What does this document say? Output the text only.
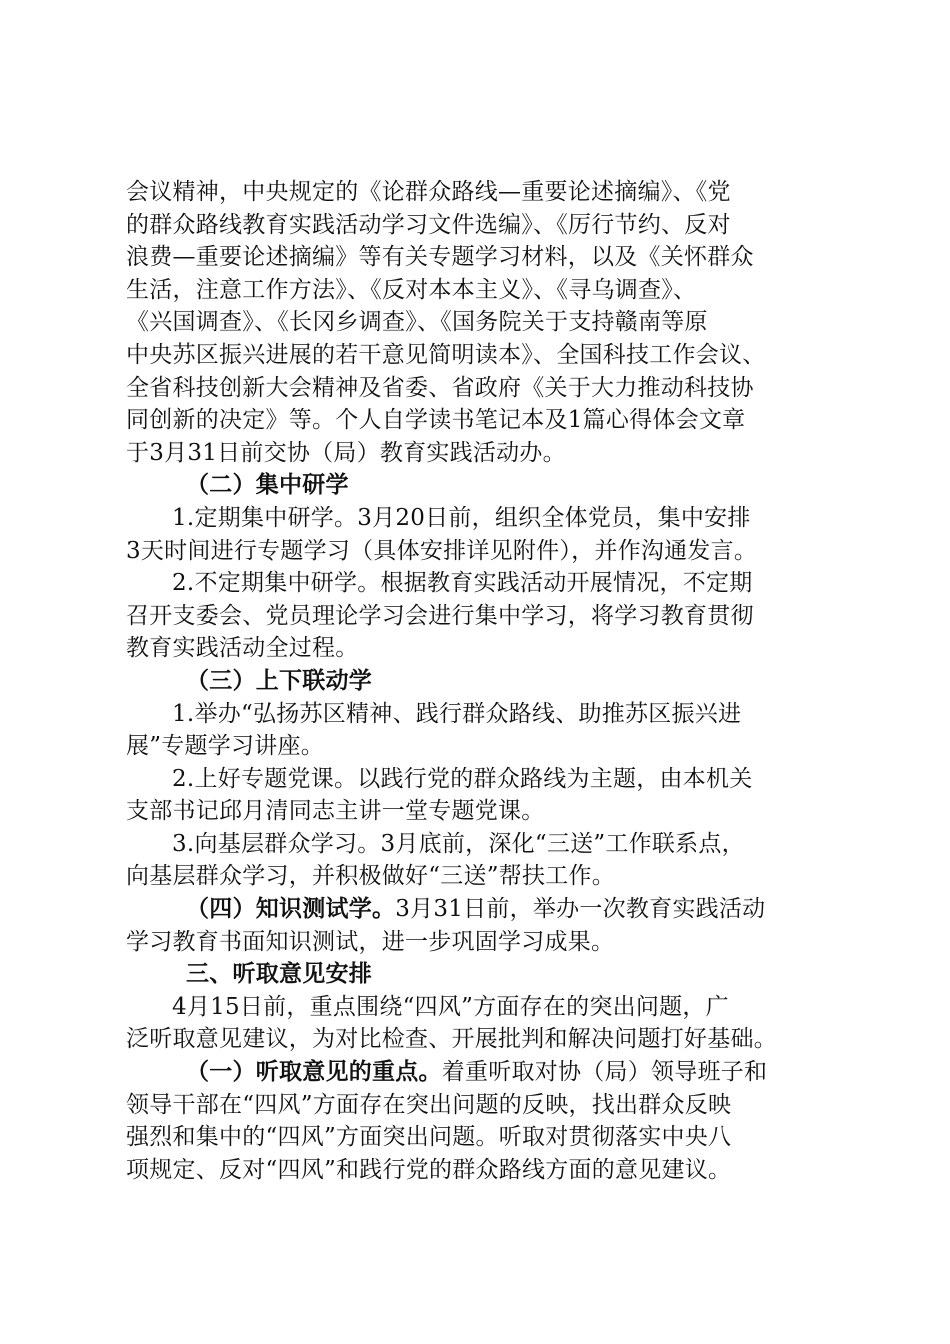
会议精神，中央规定的《论群众路线—重要论述摘编》、《党
的群众路线教育实践活动学习文件选编》、《厉行节约、反对
浪费—重要论述摘编》等有关专题学习材料，以及《关怀群众
生活，注意工作方法》、《反对本本主义》、《寻乌调查》、
《兴国调查》、《长冈乡调查》、《国务院关于支持赣南等原
中央苏区振兴进展的若干意见简明读本》、全国科技工作会议、
全省科技创新大会精神及省委、省政府《关于大力推动科技协
同创新的决定》等。个人自学读书笔记本及1篇心得体会文章
于3月31日前交协（局）教育实践活动办。
（二）集中研学
1.定期集中研学。3月20日前，组织全体党员，集中安排
3天时间进行专题学习（具体安排详见附件），并作沟通发言。
2.不定期集中研学。根据教育实践活动开展情况，不定期
召开支委会、党员理论学习会进行集中学习，将学习教育贯彻
教育实践活动全过程。
（三）上下联动学
1.举办“弘扬苏区精神、践行群众路线、助推苏区振兴进
展”专题学习讲座。
2.上好专题党课。以践行党的群众路线为主题，由本机关
支部书记邱月清同志主讲一堂专题党课。
3.向基层群众学习。3月底前，深化“三送”工作联系点，
向基层群众学习，并积极做好“三送”帮扶工作。
（四）知识测试学。3月31日前，举办一次教育实践活动
学习教育书面知识测试，进一步巩固学习成果。
三、听取意见安排
4月15日前，重点围绕“四风”方面存在的突出问题，广
泛听取意见建议，为对比检查、开展批判和解决问题打好基础。
（一）听取意见的重点。着重听取对协（局）领导班子和
领导干部在“四风”方面存在突出问题的反映，找出群众反映
强烈和集中的“四风”方面突出问题。听取对贯彻落实中央八
项规定、反对“四风”和践行党的群众路线方面的意见建议。
